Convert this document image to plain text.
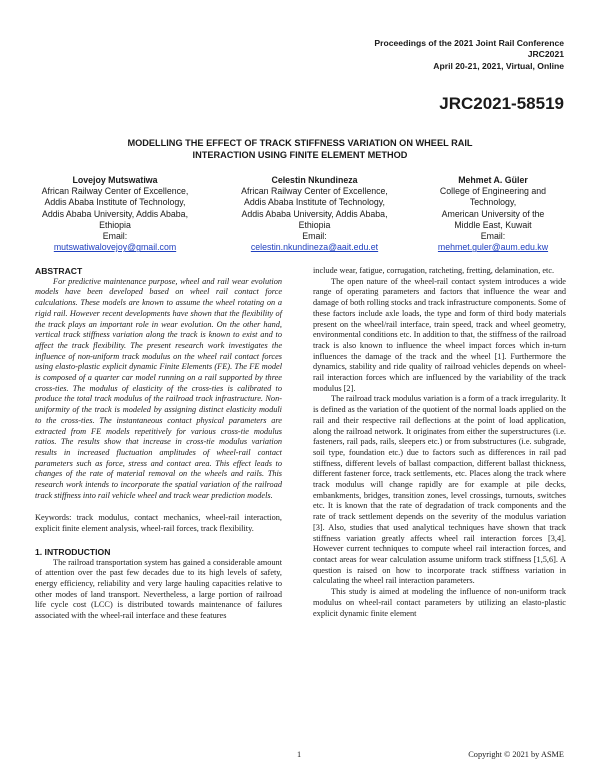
Proceedings of the 2021 Joint Rail Conference
JRC2021
April 20-21, 2021, Virtual, Online
JRC2021-58519
MODELLING THE EFFECT OF TRACK STIFFNESS VARIATION ON WHEEL RAIL
INTERACTION USING FINITE ELEMENT METHOD
Lovejoy Mutswatiwa
African Railway Center of Excellence,
Addis Ababa Institute of Technology,
Addis Ababa University, Addis Ababa,
Ethiopia
Email:
mutswatiwalovejoy@gmail.com
Celestin Nkundineza
African Railway Center of Excellence,
Addis Ababa Institute of Technology,
Addis Ababa University, Addis Ababa,
Ethiopia
Email:
celestin.nkundineza@aait.edu.et
Mehmet A. Güler
College of Engineering and
Technology,
American University of the
Middle East, Kuwait
Email:
mehmet.guler@aum.edu.kw
ABSTRACT

For predictive maintenance purpose, wheel and rail wear evolution models have been developed based on wheel rail contact force calculations. These models are known to assume the wheel rotating on a rigid rail. However recent developments have shown that the flexibility of the track plays an important role in wear evolution. On the other hand, vertical track stiffness variation along the track is known to exist and to affect the track flexibility. The present research work investigates the influence of non-uniform track modulus on the wheel rail contact forces using elasto-plastic explicit dynamic Finite Elements (FE). The FE model is composed of a quarter car model running on a rail supported by three cross-ties. The modulus of elasticity of the cross-ties is calibrated to produce the total track modulus of the railroad track infrastructure. Non-uniformity of the track is modeled by assigning distinct elasticity moduli to the cross-ties. The instantaneous contact physical parameters are extracted from FE models repetitively for various cross-tie modulus ratios. The results show that increase in cross-tie modulus variation results in increased fluctuation amplitudes of wheel-rail contact parameters such as force, stress and contact area. This effect leads to changes of the rate of material removal on the wheels and rails. This research work intends to incorporate the spatial variation of the railroad track stiffness into rail vehicle wheel and track wear prediction models.

Keywords: track modulus, contact mechanics, wheel-rail interaction, explicit finite element analysis, wheel-rail forces, track flexibility.

1. INTRODUCTION

The railroad transportation system has gained a considerable amount of attention over the past few decades due to its high levels of safety, energy efficiency, reliability and very large hauling capacities relative to other modes of land transport. Nevertheless, a large portion of railroad life cycle cost (LCC) is distributed towards maintenance of failures associated with the wheel-rail interface and these features

include wear, fatigue, corrugation, ratcheting, fretting, delamination, etc.

The open nature of the wheel-rail contact system introduces a wide range of operating parameters and factors that influence the wear and damage of both rolling stocks and track infrastructure components. Some of these factors include axle loads, the type and form of third body materials present on the wheel/rail interface, train speed, track and wheel geometry, environmental conditions etc. In addition to that, the stiffness of the railroad track is also known to influence the wheel impact forces which in-turn influences the damage of the track and the wheel [1]. Furthermore the dynamics, stability and ride quality of railroad vehicles depends on wheel-rail interaction forces which are influenced by the variability of the track modulus [2].

The railroad track modulus variation is a form of a track irregularity. It is defined as the variation of the quotient of the normal loads applied on the rail and their respective rail deflections at the point of load application, along the railroad network. It originates from either the superstructures (i.e. fasteners, rail pads, rails, sleepers etc.) or from substructures (i.e. subgrade, soil type, foundation etc.) due to factors such as differences in rail pad stiffness, different levels of ballast compaction, different ballast thickness, different fastener force, track settlements, etc. Places along the track where track modulus will change rapidly are for example at pile decks, embankments, bridges, transition zones, level crossings, turnouts, switches etc. It is known that the rate of degradation of track components and the rate of track settlement depends on the severity of the modulus variation [3]. Also, studies that used analytical techniques have shown that track stiffness variation greatly affects wheel rail interaction forces [3,4]. However current techniques to compute wheel rail interaction forces, and contact areas for wear calculation assume uniform track stiffness [1,5,6]. A question is raised on how to incorporate track stiffness variation in calculating the wheel rail interaction parameters.

This study is aimed at modeling the influence of non-uniform track modulus on wheel-rail contact parameters by utilizing an elasto-plastic explicit dynamic finite element

1	Copyright © 2021 by ASME
